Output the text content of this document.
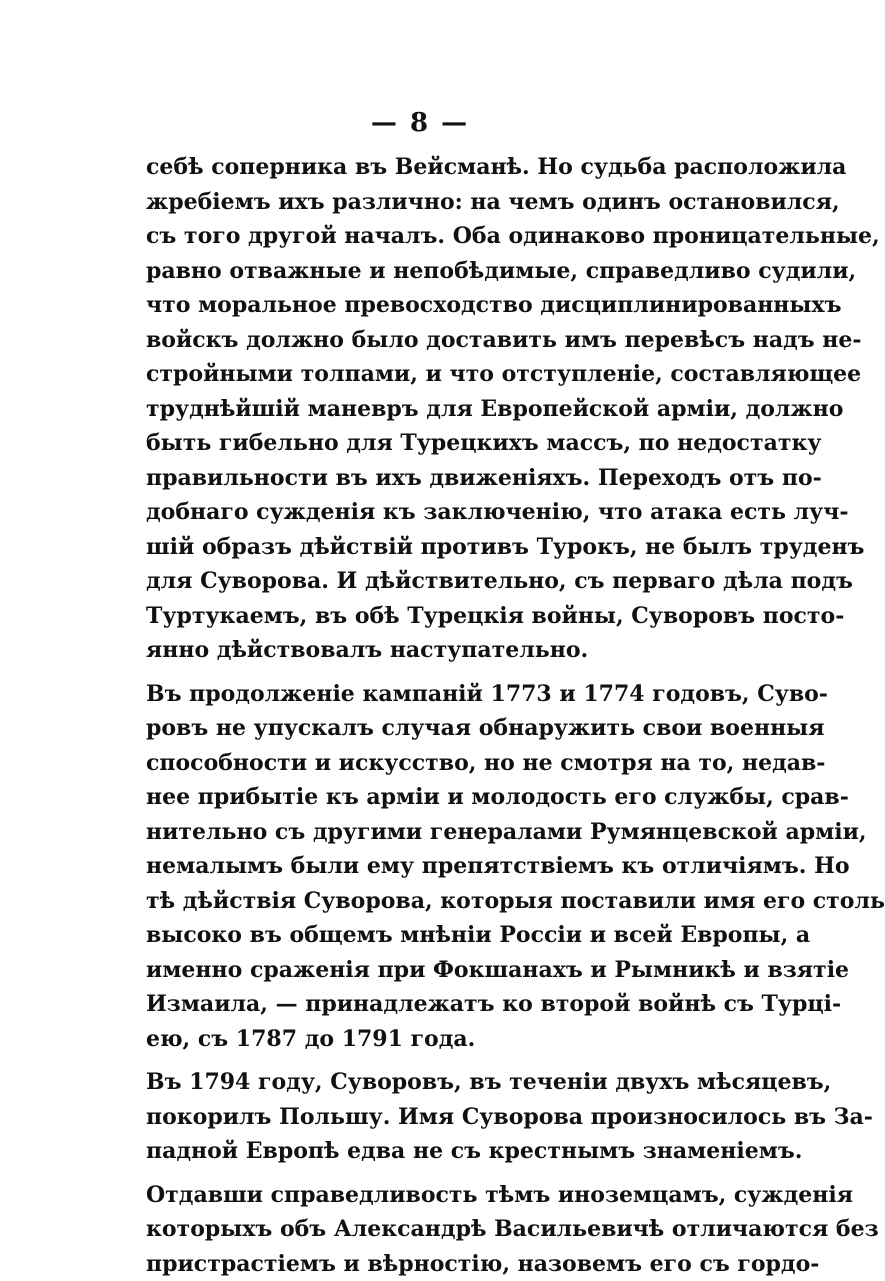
— 8 —
себѣ соперника въ Вейсманѣ. Но судьба расположила
жребіемъ ихъ различно: на чемъ одинъ остановился,
съ того другой началъ. Оба одинаково проницательные,
равно отважные и непобѣдимые, справедливо судили,
что моральное превосходство дисциплинированныхъ
войскъ должно было доставить имъ перевѣсъ надъ не-
стройными толпами, и что отступленіе, составляющее
труднѣйшій маневръ для Европейской арміи, должно
быть гибельно для Турецкихъ массъ, по недостатку
правильности въ ихъ движеніяхъ. Переходъ отъ по-
добнаго сужденія къ заключенію, что атака есть луч-
шій образъ дѣйствій противъ Турокъ, не былъ труденъ
для Суворова. И дѣйствительно, съ перваго дѣла подъ
Туртукаемъ, въ обѣ Турецкія войны, Суворовъ посто-
янно дѣйствовалъ наступательно.
Въ продолженіе кампаній 1773 и 1774 годовъ, Суво-
ровъ не упускалъ случая обнаружить свои военныя
способности и искусство, но не смотря на то, недав-
нее прибытіе къ арміи и молодость его службы, срав-
нительно съ другими генералами Румянцевской арміи,
немалымъ были ему препятствіемъ къ отличіямъ. Но
тѣ дѣйствія Суворова, которыя поставили имя его столь
высоко въ общемъ мнѣніи Россіи и всей Европы, а
именно сраженія при Фокшанахъ и Рымникѣ и взятіе
Измаила, — принадлежатъ ко второй войнѣ съ Турці-
ею, съ 1787 до 1791 года.
Въ 1794 году, Суворовъ, въ теченіи двухъ мѣсяцевъ,
покорилъ Польшу. Имя Суворова произносилось въ За-
падной Европѣ едва не съ крестнымъ знаменіемъ.
Отдавши справедливость тѣмъ иноземцамъ, сужденія
которыхъ объ Александрѣ Васильевичѣ отличаются без
пристрастіемъ и вѣрностію, назовемъ его съ гордо-
